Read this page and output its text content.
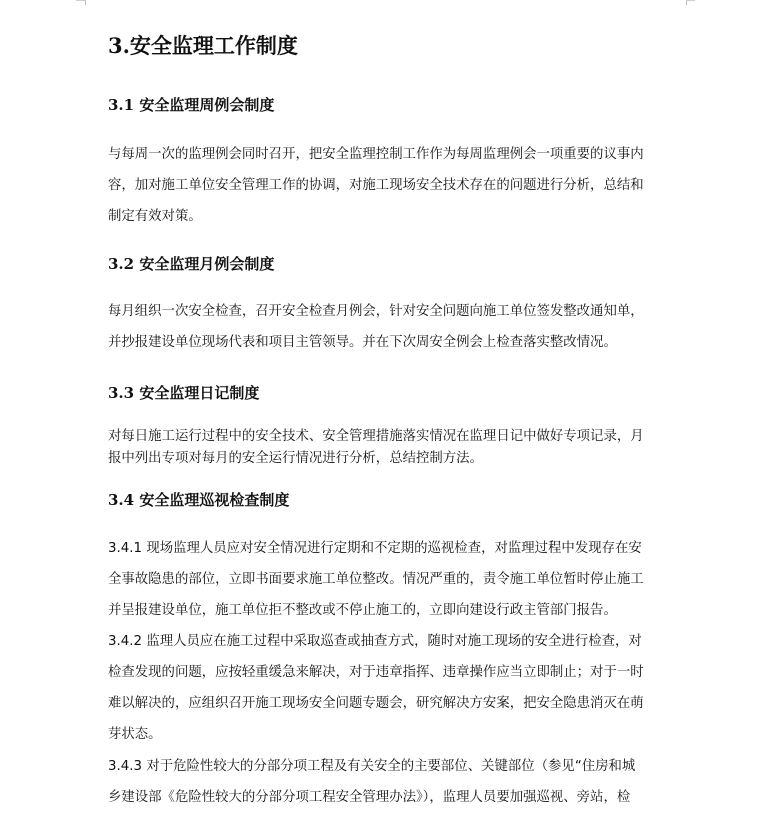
3.安全监理工作制度
3.1 安全监理周例会制度

与每周一次的监理例会同时召开，把安全监理控制工作作为每周监理例会一项重要的议事内
容，加对施工单位安全管理工作的协调，对施工现场安全技术存在的问题进行分析，总结和
制定有效对策。

3.2 安全监理月例会制度

每月组织一次安全检查，召开安全检查月例会，针对安全问题向施工单位签发整改通知单，
并抄报建设单位现场代表和项目主管领导。并在下次周安全例会上检查落实整改情况。

3.3 安全监理日记制度

对每日施工运行过程中的安全技术、安全管理措施落实情况在监理日记中做好专项记录，月
报中列出专项对每月的安全运行情况进行分析，总结控制方法。

3.4 安全监理巡视检查制度

3.4.1 现场监理人员应对安全情况进行定期和不定期的巡视检查，对监理过程中发现存在安
全事故隐患的部位，立即书面要求施工单位整改。情况严重的，责令施工单位暂时停止施工
并呈报建设单位，施工单位拒不整改或不停止施工的，立即向建设行政主管部门报告。

3.4.2 监理人员应在施工过程中采取巡查或抽查方式，随时对施工现场的安全进行检查，对
检查发现的问题，应按轻重缓急来解决，对于违章指挥、违章操作应当立即制止；对于一时
难以解决的，应组织召开施工现场安全问题专题会，研究解决方安案，把安全隐患消灭在萌
芽状态。

3.4.3 对于危险性较大的分部分项工程及有关安全的主要部位、关键部位（参见“住房和城
乡建设部《危险性较大的分部分项工程安全管理办法》），监理人员要加强巡视、旁站，检
